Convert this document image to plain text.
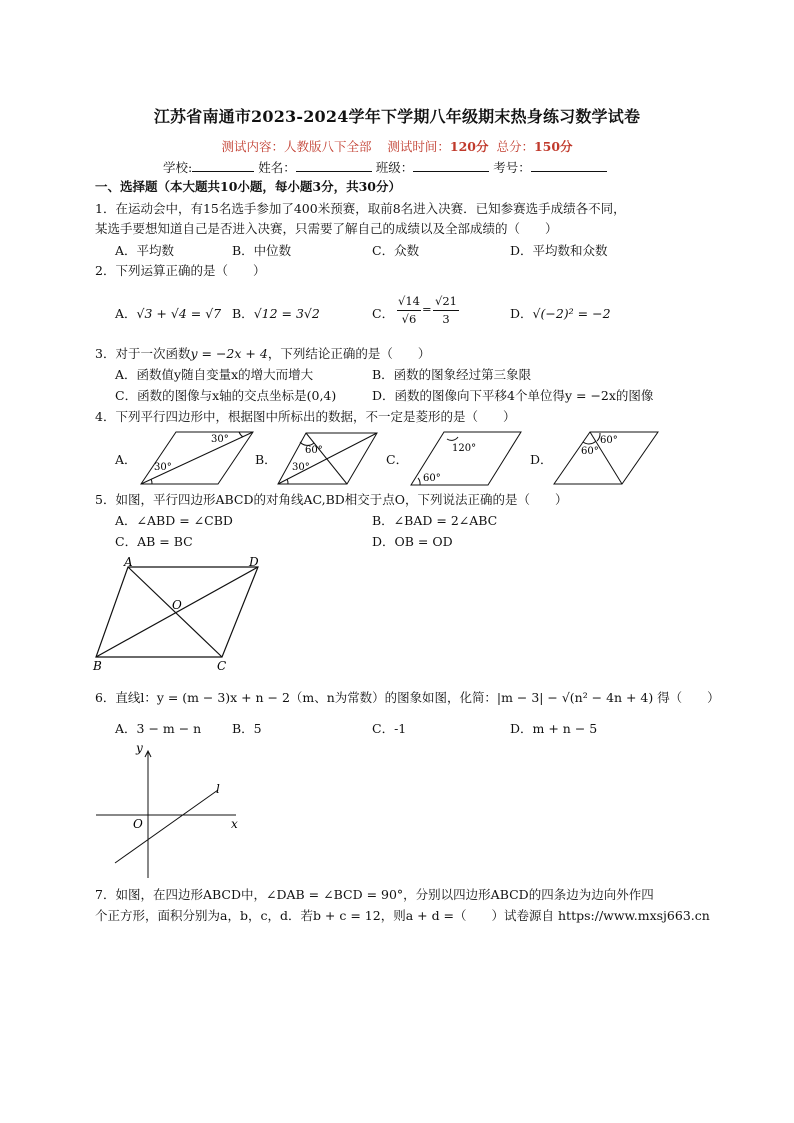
江苏省南通市2023-2024学年下学期八年级期末热身练习数学试卷
测试内容：人教版八下全部 测试时间：120分 总分：150分
学校:	姓名：	班级：	考号：
一、选择题（本大题共10小题，每小题3分，共30分）
1．在运动会中，有15名选手参加了400米预赛，取前8名进入决赛．已知参赛选手成绩各不同，
某选手要想知道自己是否进入决赛，只需要了解自己的成绩以及全部成绩的（　　）
A．平均数	B．中位数	C．众数	D．平均数和众数
2．下列运算正确的是（　　）
A．√3 + √4 = √7 B．√12 = 3√2	C．
√14
√6
=
√21
3	D．√(−2)² = −2
3．对于一次函数y = −2x + 4，下列结论正确的是（　　）
A．函数值y随自变量x的增大而增大	B．函数的图象经过第三象限
C．函数的图像与x轴的交点坐标是(0,4)	D．函数的图像向下平移4个单位得y = −2x的图像
4．下列平行四边形中，根据图中所标出的数据，不一定是菱形的是（　　）
A．	B．	C．	D．
30°
30°
60°
30°
120°
60°
60°
60°
A	D
O
B	C
y
l
O	x
5．如图，平行四边形ABCD的对角线AC,BD相交于点O，下列说法正确的是（　　）
A．∠ABD = ∠CBD	B．∠BAD = 2∠ABC
C．AB = BC	D．OB = OD
6．直线l：y = (m − 3)x + n − 2（m、n为常数）的图象如图，化简：|m − 3| − √(n² − 4n + 4) 得（　　）
A．3 − m − n B．5	C．-1	D．m + n − 5
7．如图，在四边形ABCD中，∠DAB = ∠BCD = 90°，分别以四边形ABCD的四条边为边向外作四
个正方形，面积分别为a，b，c，d．若b + c = 12，则a + d =（　　）试卷源自 https://www.mxsj663.cn
